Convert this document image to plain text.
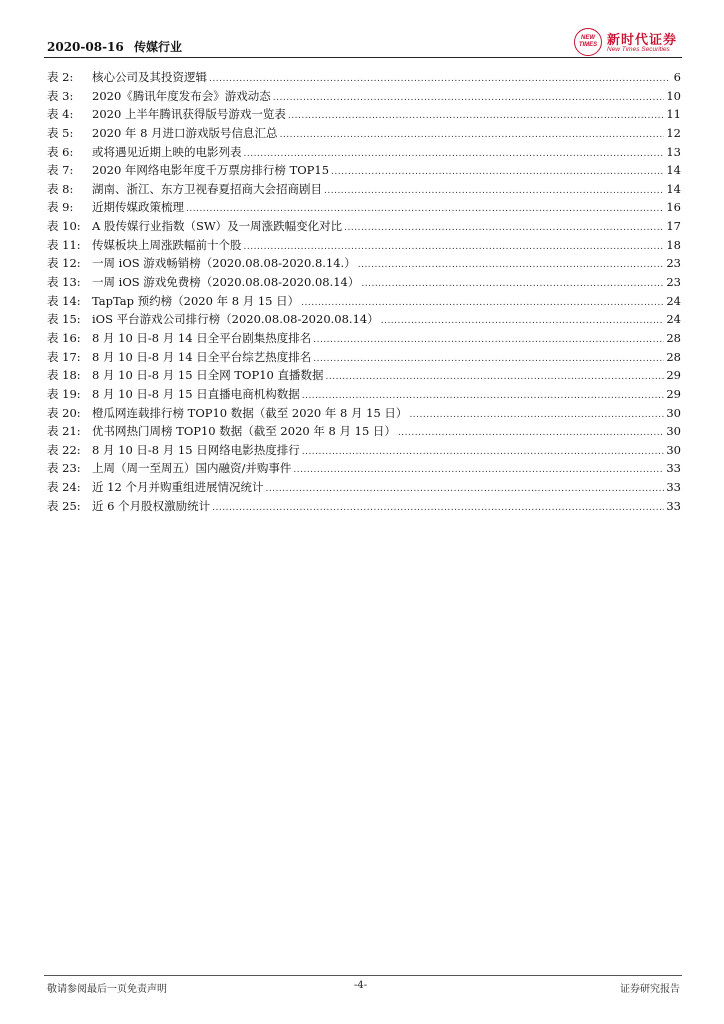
2020-08-16 传媒行业
NEW TIMES 新时代证券
New Times Securities
表 2:	核心公司及其投资逻辑 .....	6
表 3:	2020《腾讯年度发布会》游戏动态 .....	10
表 4:	2020 上半年腾讯获得版号游戏一览表 .....	11
表 5:	2020 年 8 月进口游戏版号信息汇总 .....	12
表 6:	或将遇见近期上映的电影列表 .....	13
表 7:	2020 年网络电影年度千万票房排行榜 TOP15 .....	14
表 8:	湖南、浙江、东方卫视春夏招商大会招商剧目 .....	14
表 9:	近期传媒政策梳理 .....	16
表 10: A 股传媒行业指数（SW）及一周涨跌幅变化对比 .....	17
表 11: 传媒板块上周涨跌幅前十个股 .....	18
表 12: 一周 iOS 游戏畅销榜（2020.08.08-2020.8.14.） .....	23
表 13: 一周 iOS 游戏免费榜（2020.08.08-2020.08.14） .....	23
表 14: TapTap 预约榜（2020 年 8 月 15 日） .....	24
表 15: iOS 平台游戏公司排行榜（2020.08.08-2020.08.14） .....	24
表 16: 8 月 10 日-8 月 14 日全平台剧集热度排名 .....	28
表 17: 8 月 10 日-8 月 14 日全平台综艺热度排名 .....	28
表 18: 8 月 10 日-8 月 15 日全网 TOP10 直播数据 .....	29
表 19: 8 月 10 日-8 月 15 日直播电商机构数据 .....	29
表 20: 橙瓜网连载排行榜 TOP10 数据（截至 2020 年 8 月 15 日） .....	30
表 21: 优书网热门周榜 TOP10 数据（截至 2020 年 8 月 15 日） .....	30
表 22: 8 月 10 日-8 月 15 日网络电影热度排行 .....	30
表 23: 上周（周一至周五）国内融资/并购事件 .....	33
表 24: 近 12 个月并购重组进展情况统计 .....	33
表 25: 近 6 个月股权激励统计 .....	33
敬请参阅最后一页免责声明	-4-	证券研究报告
